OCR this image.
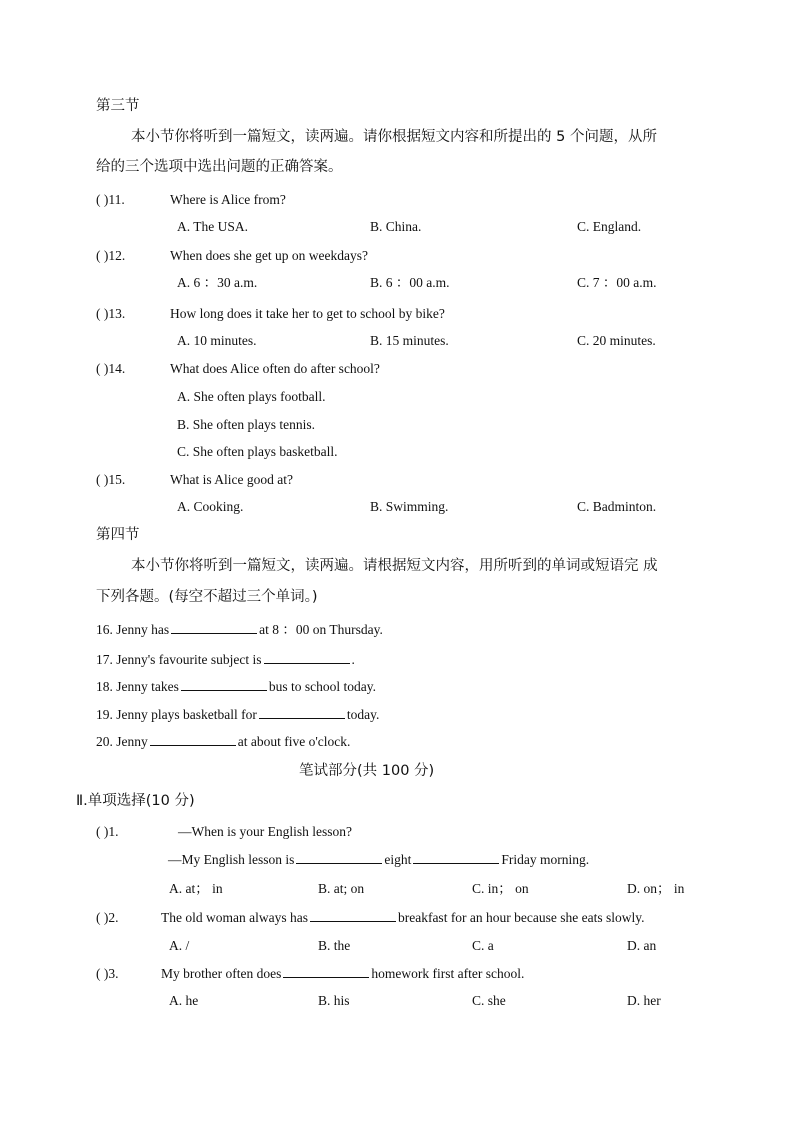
第三节
本小节你将听到一篇短文，读两遍。请你根据短文内容和所提出的 5 个问题，从所
给的三个选项中选出问题的正确答案。
( )11.	Where is Alice from?
A. The USA.	B. China.	C. England.
( )12.	When does she get up on weekdays?
A. 6 ：30 a.m.	B. 6 ：00 a.m.	C. 7 ：00 a.m.
( )13.	How long does it take her to get to school by bike?
A. 10 minutes.	B. 15 minutes.	C. 20 minutes.
( )14.	What does Alice often do after school?
A. She often plays football.
B. She often plays tennis.
C. She often plays basketball.
( )15.	What is Alice good at?
A. Cooking.	B. Swimming.	C. Badminton.
第四节
本小节你将听到一篇短文，读两遍。请根据短文内容，用所听到的单词或短语完 成
下列各题。(每空不超过三个单词。)
16. Jenny has	at 8 ：00 on Thursday.
17. Jenny's favourite subject is	.
18. Jenny takes	bus to school today.
19. Jenny plays basketball for	today.
20. Jenny	at about five o'clock.
笔试部分(共 100 分)
Ⅱ.单项选择(10 分)
( )1.	—When is your English lesson?
—My English lesson is	eight	Friday morning.
A. at； in	B. at; on	C. in； on	D. on； in
( )2.	The old woman always has	breakfast for an hour because she eats slowly.
A. /	B. the	C. a	D. an
( )3.	My brother often does	homework first after school.
A. he	B. his	C. she	D. her
